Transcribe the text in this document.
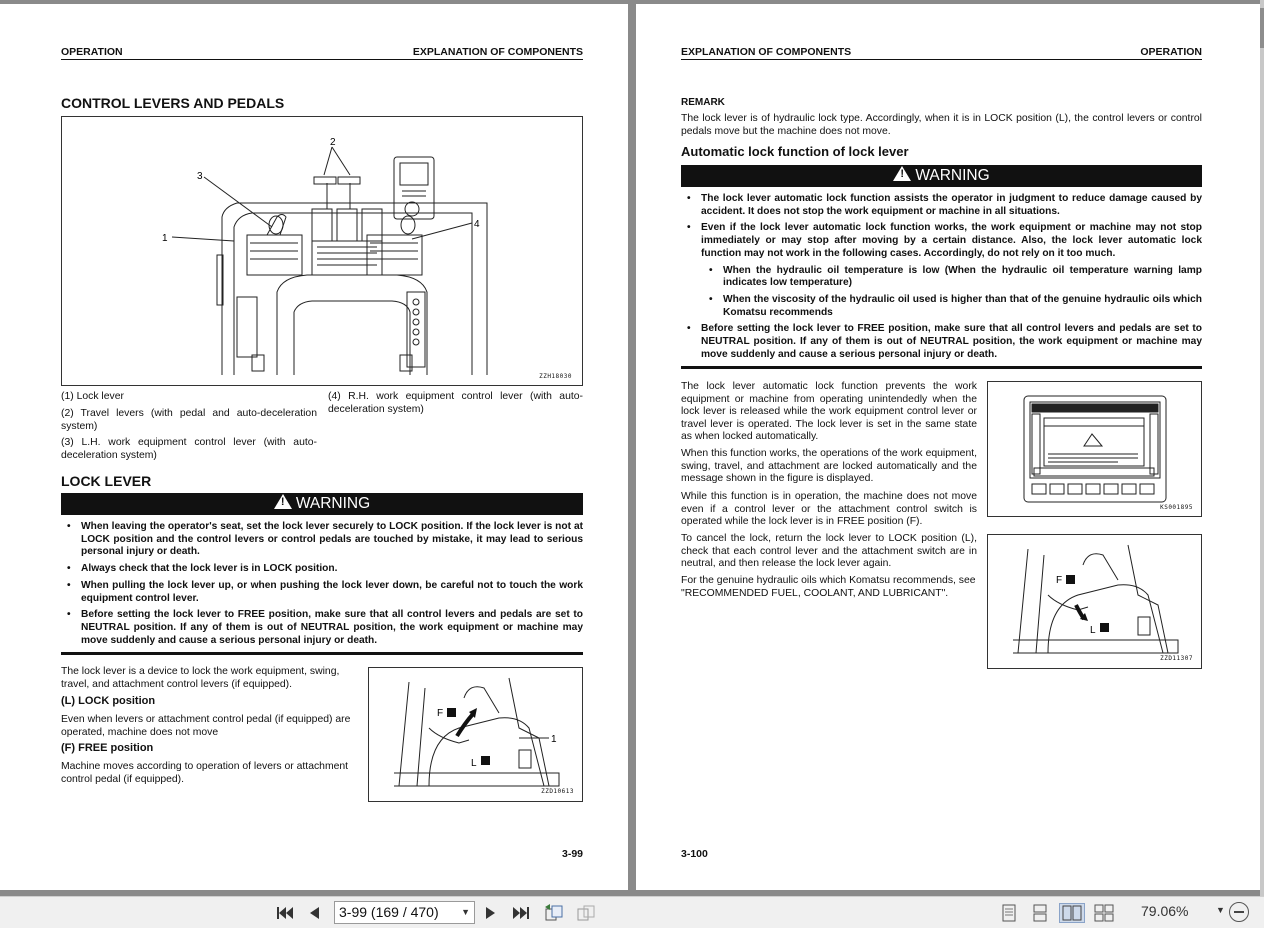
OPERATION	EXPLANATION OF COMPONENTS
CONTROL LEVERS AND PEDALS
1
2
3
4
ZZH18030
(1) Lock lever
(2) Travel levers (with pedal and auto-deceleration system)
(3) L.H. work equipment control lever (with auto-deceleration system)
(4) R.H. work equipment control lever (with auto-deceleration system)
LOCK LEVER
!WARNING
• When leaving the operator's seat, set the lock lever securely to LOCK position. If the lock lever is not at LOCK position and the control levers or control pedals are touched by mistake, it may lead to serious personal injury or death.
• Always check that the lock lever is in LOCK position.
• When pulling the lock lever up, or when pushing the lock lever down, be careful not to touch the work equipment control lever.
• Before setting the lock lever to FREE position, make sure that all control levers and pedals are set to NEUTRAL position. If any of them is out of NEUTRAL position, the work equipment or machine may move suddenly and cause a serious personal injury or death.
The lock lever is a device to lock the work equipment, swing, travel, and attachment control levers (if equipped).
(L) LOCK position
Even when levers or attachment control pedal (if equipped) are operated, machine does not move
(F) FREE position
Machine moves according to operation of levers or attachment control pedal (if equipped).
F
L
1
ZZD10613
3-99
EXPLANATION OF COMPONENTS	OPERATION
REMARK
The lock lever is of hydraulic lock type. Accordingly, when it is in LOCK position (L), the control levers or control pedals move but the machine does not move.
Automatic lock function of lock lever
!WARNING
• The lock lever automatic lock function assists the operator in judgment to reduce damage caused by accident. It does not stop the work equipment or machine in all situations.
• Even if the lock lever automatic lock function works, the work equipment or machine may not stop immediately or may stop after moving by a certain distance. Also, the lock lever automatic lock function may not work in the following cases. Accordingly, do not rely on it too much.
• When the hydraulic oil temperature is low (When the hydraulic oil temperature warning lamp indicates low temperature)
• When the viscosity of the hydraulic oil used is higher than that of the genuine hydraulic oils which Komatsu recommends
• Before setting the lock lever to FREE position, make sure that all control levers and pedals are set to NEUTRAL position. If any of them is out of NEUTRAL position, the work equipment or machine may move suddenly and cause a serious personal injury or death.
The lock lever automatic lock function prevents the work equipment or machine from operating unintendedly when the lock lever is released while the work equipment control lever or travel lever is operated. The lock lever is set in the same state as when locked automatically.
When this function works, the operations of the work equipment, swing, travel, and attachment are locked automatically and the message shown in the figure is displayed.
While this function is in operation, the machine does not move even if a control lever or the attachment control switch is operated while the lock lever is in FREE position (F).
To cancel the lock, return the lock lever to LOCK position (L), check that each control lever and the attachment switch are in neutral, and then release the lock lever again.
For the genuine hydraulic oils which Komatsu recommends, see "RECOMMENDED FUEL, COOLANT, AND LUBRICANT".
KS001895
F
L
ZZD11307
3-100
3-99 (169 / 470) ▼	79.06%	▼
